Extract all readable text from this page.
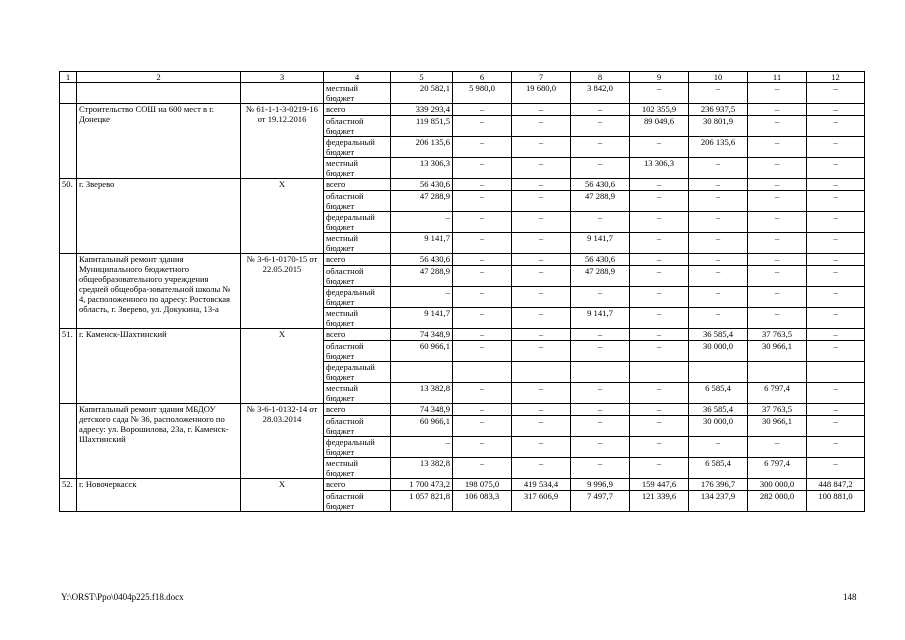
1	2	3	4	5	6	7	8	9	10	11	12
			местный бюджет	20 582,1	5 980,0	19 680,0	3 842,0	–	–	–	–
	Строительство СОШ на 600 мест в г. Донецке	№ 61-1-1-3-0219-16 от 19.12.2016	всего	339 293,4	–	–	–	102 355,9	236 937,5	–	–
			областной бюджет	119 851,5	–	–	–	89 049,6	30 801,9	–	–
			федеральный бюджет	206 135,6	–	–	–	–	206 135,6	–	–
			местный бюджет	13 306,3	–	–	–	13 306,3	–	–	–
50.	г. Зверево	Х	всего	56 430,6	–	–	56 430,6	–	–	–	–
			областной бюджет	47 288,9	–	–	47 288,9	–	–	–	–
			федеральный бюджет	–	–	–	–	–	–	–	–
			местный бюджет	9 141,7	–	–	9 141,7	–	–	–	–
	Капитальный ремонт здания Муниципального бюджетного общеобразовательного учреждения средней общеобра-зовательной школы № 4, расположенного по адресу: Ростовская область, г. Зверево, ул. Докукина, 13-а	№ 3-6-1-0170-15 от 22.05.2015	всего	56 430,6	–	–	56 430,6	–	–	–	–
			областной бюджет	47 288,9	–	–	47 288,9	–	–	–	–
			федеральный бюджет	–	–	–	–	–	–	–	–
			местный бюджет	9 141,7	–	–	9 141,7	–	–	–	–
51.	г. Каменск-Шахтинский	Х	всего	74 348,9	–	–	–	–	36 585,4	37 763,5	–
			областной бюджет	60 966,1	–	–	–	–	30 000,0	30 966,1	–
			федеральный бюджет								
			местный бюджет	13 382,8	–	–	–	–	6 585,4	6 797,4	–
	Капитальный ремонт здания МБДОУ детского сада № 36, расположенного по адресу: ул. Ворошилова, 23а, г. Каменск-Шахтинский	№ 3-6-1-0132-14 от 28.03.2014	всего	74 348,9	–	–	–	–	36 585,4	37 763,5	–
			областной бюджет	60 966,1	–	–	–	–	30 000,0	30 966,1	–
			федеральный бюджет	–	–	–	–	–	–	–	–
			местный бюджет	13 382,8	–	–	–	–	6 585,4	6 797,4	–
52.	г. Новочеркасск	Х	всего	1 700 473,2	198 075,0	419 534,4	9 996,9	159 447,6	176 396,7	300 000,0	448 847,2
			областной бюджет	1 057 821,8	106 083,3	317 606,9	7 497,7	121 339,6	134 237,9	282 000,0	100 881,0
Y:\ORST\Ppo\0404p225.f18.docx	148
